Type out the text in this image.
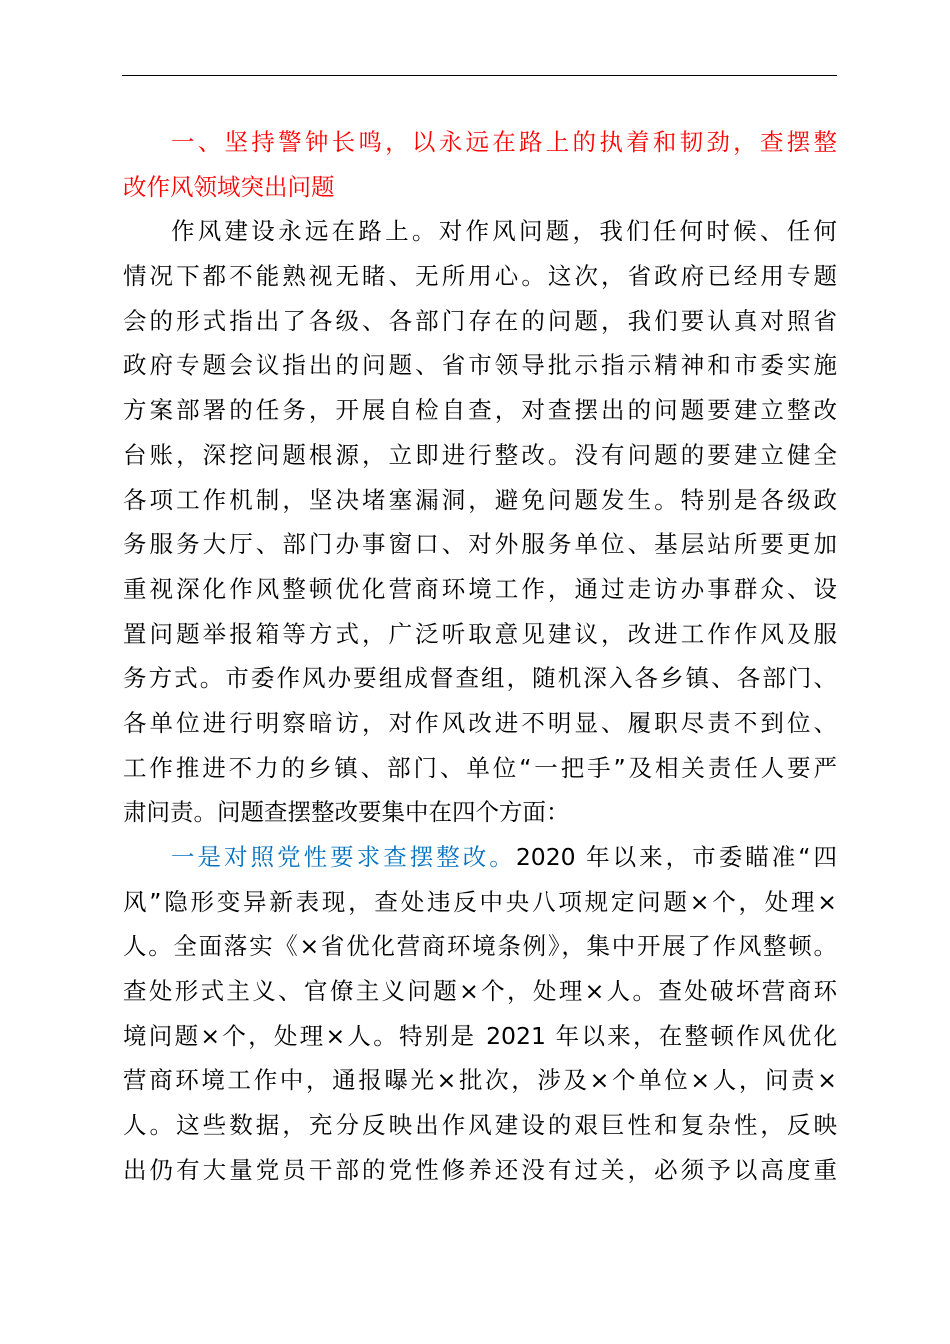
一、坚持警钟长鸣，以永远在路上的执着和韧劲，查摆整
改作风领域突出问题
作风建设永远在路上。对作风问题，我们任何时候、任何
情况下都不能熟视无睹、无所用心。这次，省政府已经用专题
会的形式指出了各级、各部门存在的问题，我们要认真对照省
政府专题会议指出的问题、省市领导批示指示精神和市委实施
方案部署的任务，开展自检自查，对查摆出的问题要建立整改
台账，深挖问题根源，立即进行整改。没有问题的要建立健全
各项工作机制，坚决堵塞漏洞，避免问题发生。特别是各级政
务服务大厅、部门办事窗口、对外服务单位、基层站所要更加
重视深化作风整顿优化营商环境工作，通过走访办事群众、设
置问题举报箱等方式，广泛听取意见建议，改进工作作风及服
务方式。市委作风办要组成督查组，随机深入各乡镇、各部门、
各单位进行明察暗访，对作风改进不明显、履职尽责不到位、
工作推进不力的乡镇、部门、单位“一把手”及相关责任人要严
肃问责。问题查摆整改要集中在四个方面：
一是对照党性要求查摆整改。2020 年以来，市委瞄准“四
风”隐形变异新表现，查处违反中央八项规定问题×个，处理×
人。全面落实《×省优化营商环境条例》，集中开展了作风整顿。
查处形式主义、官僚主义问题×个，处理×人。查处破坏营商环
境问题×个，处理×人。特别是 2021 年以来，在整顿作风优化
营商环境工作中，通报曝光×批次，涉及×个单位×人，问责×
人。这些数据，充分反映出作风建设的艰巨性和复杂性，反映
出仍有大量党员干部的党性修养还没有过关，必须予以高度重
